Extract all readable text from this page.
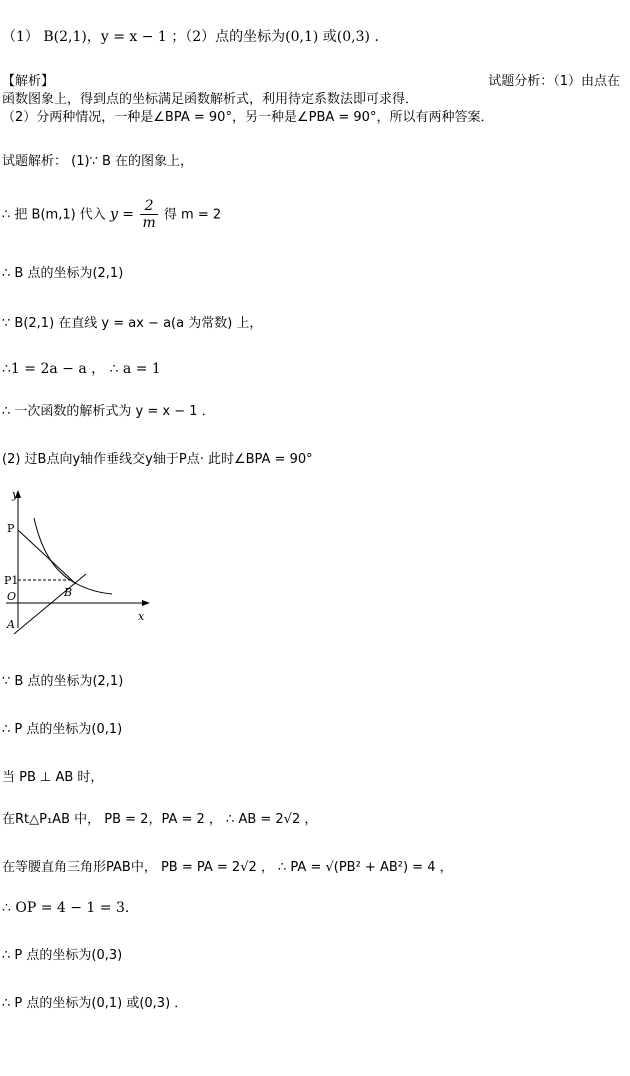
（1） B(2,1)，y = x − 1 ；（2）点的坐标为(0,1) 或(0,3) ．
【解析】	试题分析：（1）由点在
函数图象上，得到点的坐标满足函数解析式，利用待定系数法即可求得．
（2）分两种情况，一种是∠BPA = 90°，另一种是∠PBA = 90°，所以有两种答案．
试题解析： (1)∵ B 在的图象上，
∴ 把 B(m,1) 代入 $y = \frac{2}{m}$ 得 m = 2
∴ B 点的坐标为(2,1)
∵ B(2,1) 在直线 y = ax − a(a 为常数) 上，
∴1 = 2a − a ， ∴ a = 1
∴ 一次函数的解析式为 y = x − 1 ．
(2) 过B点向y轴作垂线交y轴于P点· 此时∠BPA = 90°
y
P
P1
O
A
B
x
∵ B 点的坐标为(2,1)
∴ P 点的坐标为(0,1)
当 PB ⊥ AB 时，
在Rt△P₁AB 中， PB = 2，PA = 2 ， ∴ AB = 2√2 ，
在等腰直角三角形PAB中， PB = PA = 2√2 ， ∴ PA = √(PB² + AB²) = 4 ，
∴ OP = 4 − 1 = 3.
∴ P 点的坐标为(0,3)
∴ P 点的坐标为(0,1) 或(0,3) ．
